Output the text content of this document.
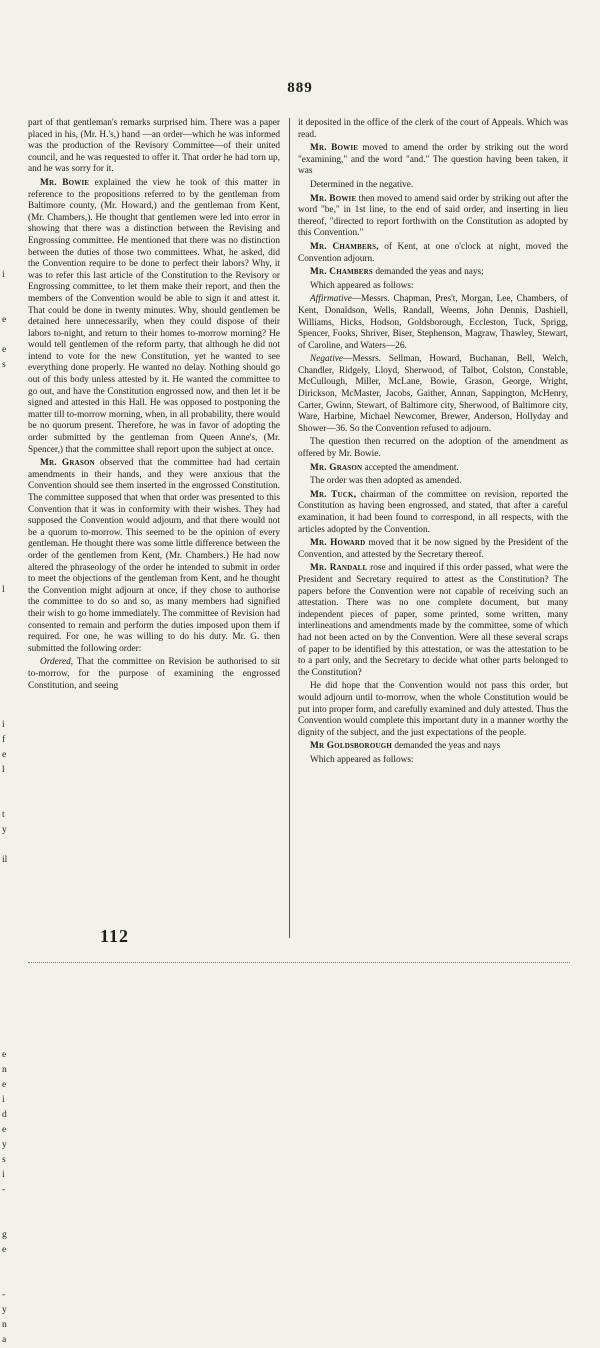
889
i
e
e
s
l
i
f
e
l
t
y
il
e
n
e
i
d
e
y
s
i
-
g
e
-
y
n
a

part of that gentleman's remarks surprised him. There was a paper placed in his, (Mr. H.'s,) hand —an order—which he was informed was the production of the Revisory Committee—of their united council, and he was requested to offer it. That order he had torn up, and he was sorry for it.

Mr. Bowie explained the view he took of this matter in reference to the propositions referred to by the gentleman from Baltimore county, (Mr. Howard,) and the gentleman from Kent, (Mr. Chambers,). He thought that gentlemen were led into error in showing that there was a distinction between the Revising and Engrossing committee. He mentioned that there was no distinction between the duties of those two committees. What, he asked, did the Convention require to be done to perfect their labors? Why, it was to refer this last article of the Constitution to the Revisory or Engrossing committee, to let them make their report, and then the members of the Convention would be able to sign it and attest it. That could be done in twenty minutes. Why, should gentlemen be detained here unnecessarily, when they could dispose of their labors to-night, and return to their homes to-morrow morning? He would tell gentlemen of the reform party, that although he did not intend to vote for the new Constitution, yet he wanted to see everything done properly. He wanted no delay. Nothing should go out of this body unless attested by it. He wanted the committee to go out, and have the Constitution engrossed now, and then let it be signed and attested in this Hall. He was opposed to postponing the matter till to-morrow morning, when, in all probability, there would be no quorum present. Therefore, he was in favor of adopting the order submitted by the gentleman from Queen Anne's, (Mr. Spencer,) that the committee shall report upon the subject at once.

Mr. Grason observed that the committee had had certain amendments in their hands, and they were anxious that the Convention should see them inserted in the engrossed Constitution. The committee supposed that when that order was presented to this Convention that it was in conformity with their wishes. They had supposed the Convention would adjourn, and that there would not be a quorum to-morrow. This seemed to be the opinion of every gentleman. He thought there was some little difference between the order of the gentlemen from Kent, (Mr. Chambers.) He had now altered the phraseology of the order he intended to submit in order to meet the objections of the gentleman from Kent, and he thought the Convention might adjourn at once, if they chose to authorise the committee to do so and so, as many members had signified their wish to go home immediately. The committee of Revision had consented to remain and perform the duties imposed upon them if required. For one, he was willing to do his duty. Mr. G. then submitted the following order:

Ordered, That the committee on Revision be authorised to sit to-morrow, for the purpose of examining the engrossed Constitution, and seeing

it deposited in the office of the clerk of the court of Appeals. Which was read.

Mr. Bowie moved to amend the order by striking out the word "examining," and the word "and." The question having been taken, it was

Determined in the negative.

Mr. Bowie then moved to amend said order by striking out after the word "be," in 1st line, to the end of said order, and inserting in lieu thereof, "directed to report forthwith on the Constitution as adopted by this Convention."

Mr. Chambers, of Kent, at one o'clock at night, moved the Convention adjourn.

Mr. Chambers demanded the yeas and nays;

Which appeared as follows:

Affirmative—Messrs. Chapman, Pres't, Morgan, Lee, Chambers, of Kent, Donaldson, Wells, Randall, Weems, John Dennis, Dashiell, Williams, Hicks, Hodson, Goldsborough, Eccleston, Tuck, Sprigg, Spencer, Fooks, Shriver, Biser, Stephenson, Magraw, Thawley, Stewart, of Caroline, and Waters—26.

Negative—Messrs. Sellman, Howard, Buchanan, Bell, Welch, Chandler, Ridgely, Lloyd, Sherwood, of Talbot, Colston, Constable, McCullough, Miller, McLane, Bowie, Grason, George, Wright, Dirickson, McMaster, Jacobs, Gaither, Annan, Sappington, McHenry, Carter, Gwinn, Stewart, of Baltimore city, Sherwood, of Baltimore city, Ware, Harbine, Michael Newcomer, Brewer, Anderson, Hollyday and Shower—36. So the Convention refused to adjourn.

The question then recurred on the adoption of the amendment as offered by Mr. Bowie.

Mr. Grason accepted the amendment.

The order was then adopted as amended.

Mr. Tuck, chairman of the committee on revision, reported the Constitution as having been engrossed, and stated, that after a careful examination, it had been found to correspond, in all respects, with the articles adopted by the Convention.

Mr. Howard moved that it be now signed by the President of the Convention, and attested by the Secretary thereof.

Mr. Randall rose and inquired if this order passed, what were the President and Secretary required to attest as the Constitution? The papers before the Convention were not capable of receiving such an attestation. There was no one complete document, but many independent pieces of paper, some printed, some written, many interlineations and amendments made by the committee, some of which had not been acted on by the Convention. Were all these several scraps of paper to be identified by this attestation, or was the attestation to be to a part only, and the Secretary to decide what other parts belonged to the Constitution?

He did hope that the Convention would not pass this order, but would adjourn until to-morrow, when the whole Constitution would be put into proper form, and carefully examined and duly attested. Thus the Convention would complete this important duty in a manner worthy the dignity of the subject, and the just expectations of the people.

Mr Goldsborough demanded the yeas and nays

Which appeared as follows:

112
